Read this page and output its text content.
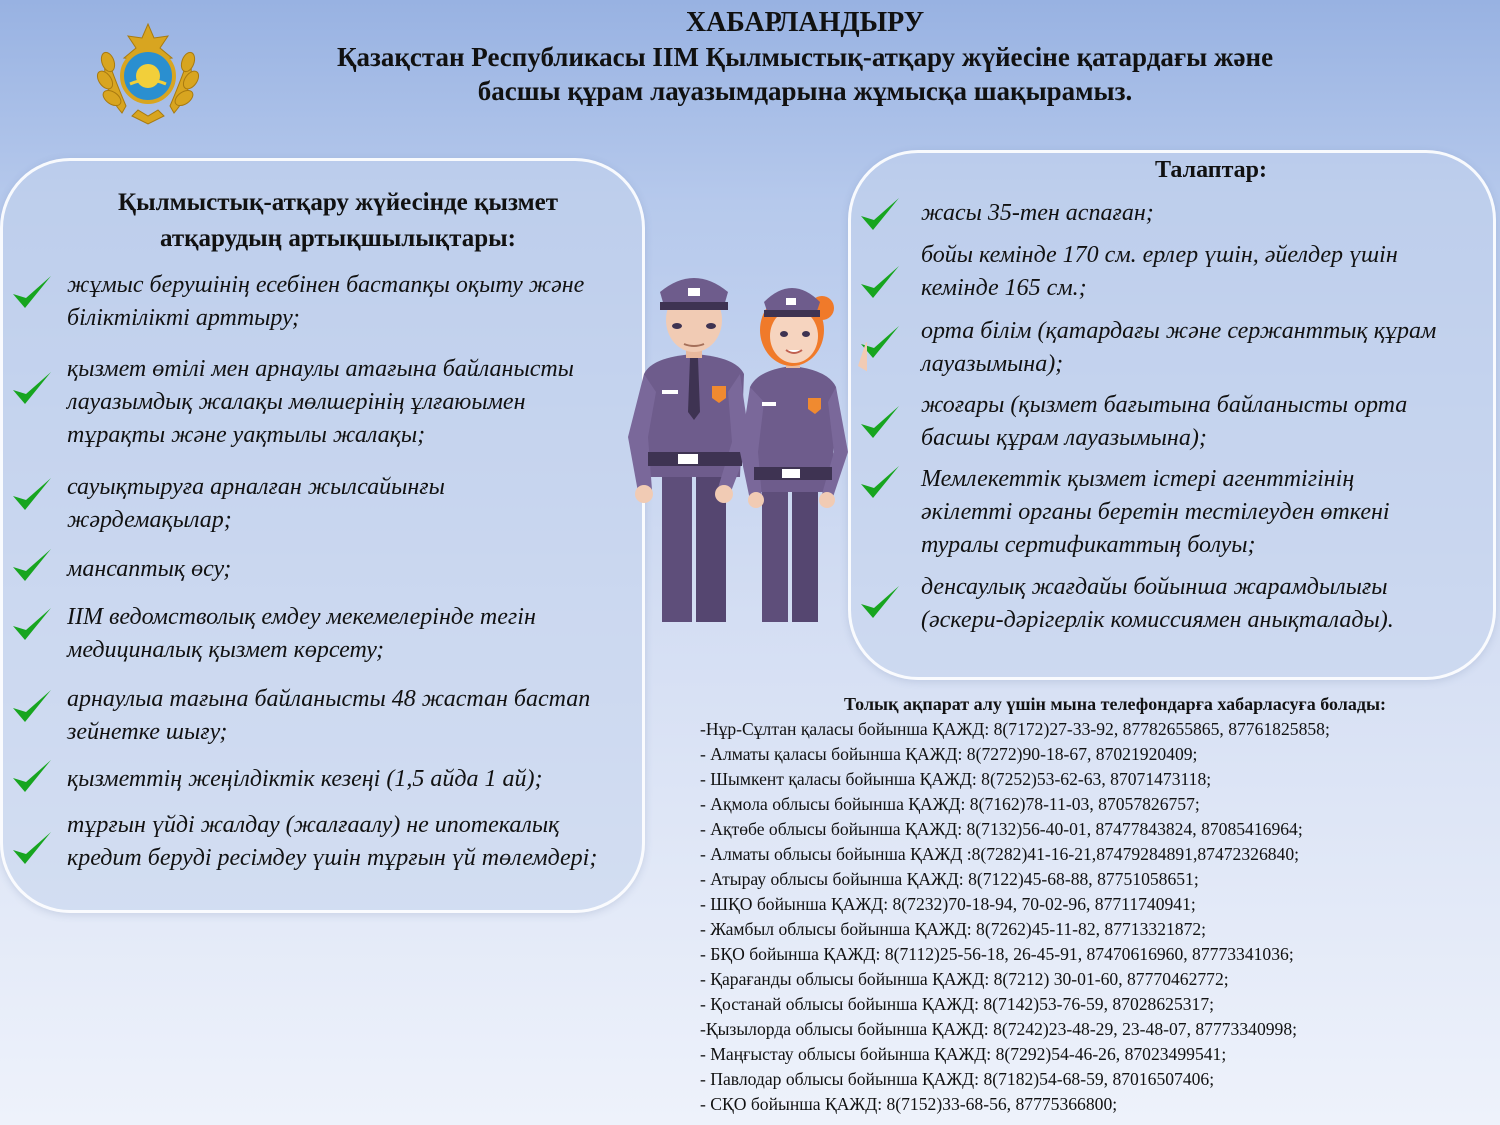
ХАБАРЛАНДЫРУ
Қазақстан Республикасы ІІМ Қылмыстық-атқару жүйесіне қатардағы және
басшы құрам лауазымдарына жұмысқа шақырамыз.
Қылмыстық-атқару жүйесінде қызмет
атқарудың артықшылықтары:
жұмыс берушінің есебінен бастапқы оқыту және
біліктілікті арттыру;
қызмет өтілі мен арнаулы атағына байланысты
лауазымдық жалақы мөлшерінің ұлғаюымен
тұрақты және уақтылы жалақы;
сауықтыруға арналған жылсайынғы
жәрдемақылар;
мансаптық өсу;
ІІМ ведомстволық емдеу мекемелерінде тегін
медициналық қызмет көрсету;
арнаулыа тағына байланысты 48 жастан бастап
зейнетке шығу;
қызметтің жеңілдіктік кезеңі (1,5 айда 1 ай);
тұрғын үйді жалдау (жалғаалу) не ипотекалық
кредит беруді ресімдеу үшін тұрғын үй төлемдері;
Талаптар:
жасы 35-тен аспаған;
бойы кемінде 170 см. ерлер үшін, әйелдер үшін
кемінде 165 см.;
орта білім (қатардағы және сержанттық құрам
лауазымына);
жоғары (қызмет бағытына байланысты орта
басшы құрам лауазымына);
Мемлекеттік қызмет істері агенттігінің
әкілетті органы беретін тестілеуден өткені
туралы сертификаттың болуы;
денсаулық жағдайы бойынша жарамдылығы
(әскери-дәрігерлік комиссиямен анықталады).
Толық ақпарат алу үшін мына телефондарға хабарласуға болады:
-Нұр-Сұлтан қаласы бойынша ҚАЖД: 8(7172)27-33-92, 87782655865, 87761825858;
- Алматы қаласы бойынша ҚАЖД: 8(7272)90-18-67, 87021920409;
- Шымкент қаласы бойынша ҚАЖД: 8(7252)53-62-63, 87071473118;
- Ақмола облысы бойынша ҚАЖД: 8(7162)78-11-03, 87057826757;
- Ақтөбе облысы бойынша ҚАЖД: 8(7132)56-40-01, 87477843824, 87085416964;
- Алматы облысы бойынша ҚАЖД :8(7282)41-16-21,87479284891,87472326840;
- Атырау облысы бойынша ҚАЖД: 8(7122)45-68-88, 87751058651;
- ШҚО бойынша ҚАЖД: 8(7232)70-18-94, 70-02-96, 87711740941;
- Жамбыл облысы бойынша ҚАЖД: 8(7262)45-11-82, 87713321872;
- БҚО бойынша ҚАЖД: 8(7112)25-56-18, 26-45-91, 87470616960, 87773341036;
- Қарағанды облысы бойынша ҚАЖД: 8(7212) 30-01-60, 87770462772;
- Қостанай облысы бойынша ҚАЖД: 8(7142)53-76-59, 87028625317;
-Қызылорда облысы бойынша ҚАЖД: 8(7242)23-48-29, 23-48-07, 87773340998;
- Маңғыстау облысы бойынша ҚАЖД: 8(7292)54-46-26, 87023499541;
- Павлодар облысы бойынша ҚАЖД: 8(7182)54-68-59, 87016507406;
- СҚО бойынша ҚАЖД: 8(7152)33-68-56, 87775366800;
